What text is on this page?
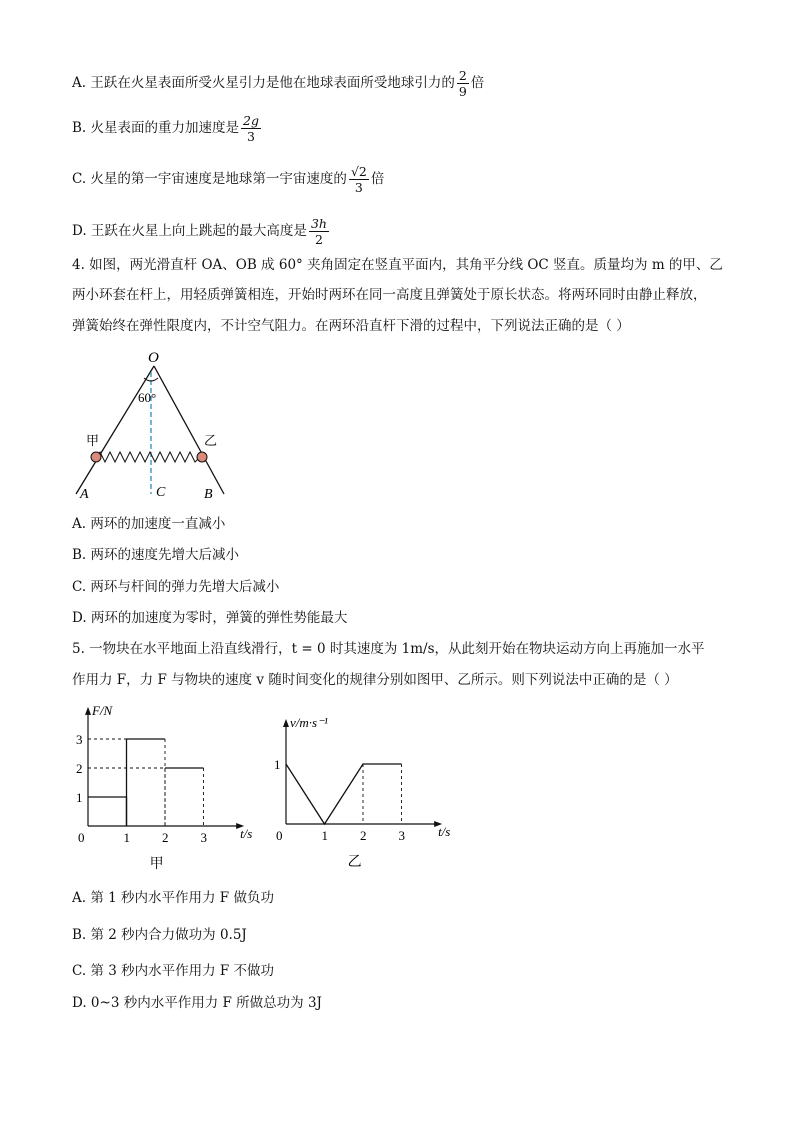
A. 王跃在火星表面所受火星引力是他在地球表面所受地球引力的 $\frac{2}{9}$ 倍
B. 火星表面的重力加速度是 $\frac{2g}{3}$
C. 火星的第一宇宙速度是地球第一宇宙速度的 $\frac{√2}{3}$ 倍
D. 王跃在火星上向上跳起的最大高度是 $\frac{3h}{2}$
4. 如图，两光滑直杆 OA、OB 成 60° 夹角固定在竖直平面内，其角平分线 OC 竖直。质量均为 m 的甲、乙
两小环套在杆上，用轻质弹簧相连，开始时两环在同一高度且弹簧处于原长状态。将两环同时由静止释放，
弹簧始终在弹性限度内，不计空气阻力。在两环沿直杆下滑的过程中，下列说法正确的是（ ）
O
60°
甲	乙
A	C	B
A. 两环的加速度一直减小
B. 两环的速度先增大后减小
C. 两环与杆间的弹力先增大后减小
D. 两环的加速度为零时，弹簧的弹性势能最大
5. 一物块在水平地面上沿直线滑行，t = 0 时其速度为 1m/s，从此刻开始在物块运动方向上再施加一水平
作用力 F，力 F 与物块的速度 v 随时间变化的规律分别如图甲、乙所示。则下列说法中正确的是（ ）
0	1 2 3
1
2
3
F/N
t/s
甲
0	1 2 3
1
v/m·s⁻¹
t/s
乙
A. 第 1 秒内水平作用力 F 做负功
B. 第 2 秒内合力做功为 0.5J
C. 第 3 秒内水平作用力 F 不做功
D. 0~3 秒内水平作用力 F 所做总功为 3J
